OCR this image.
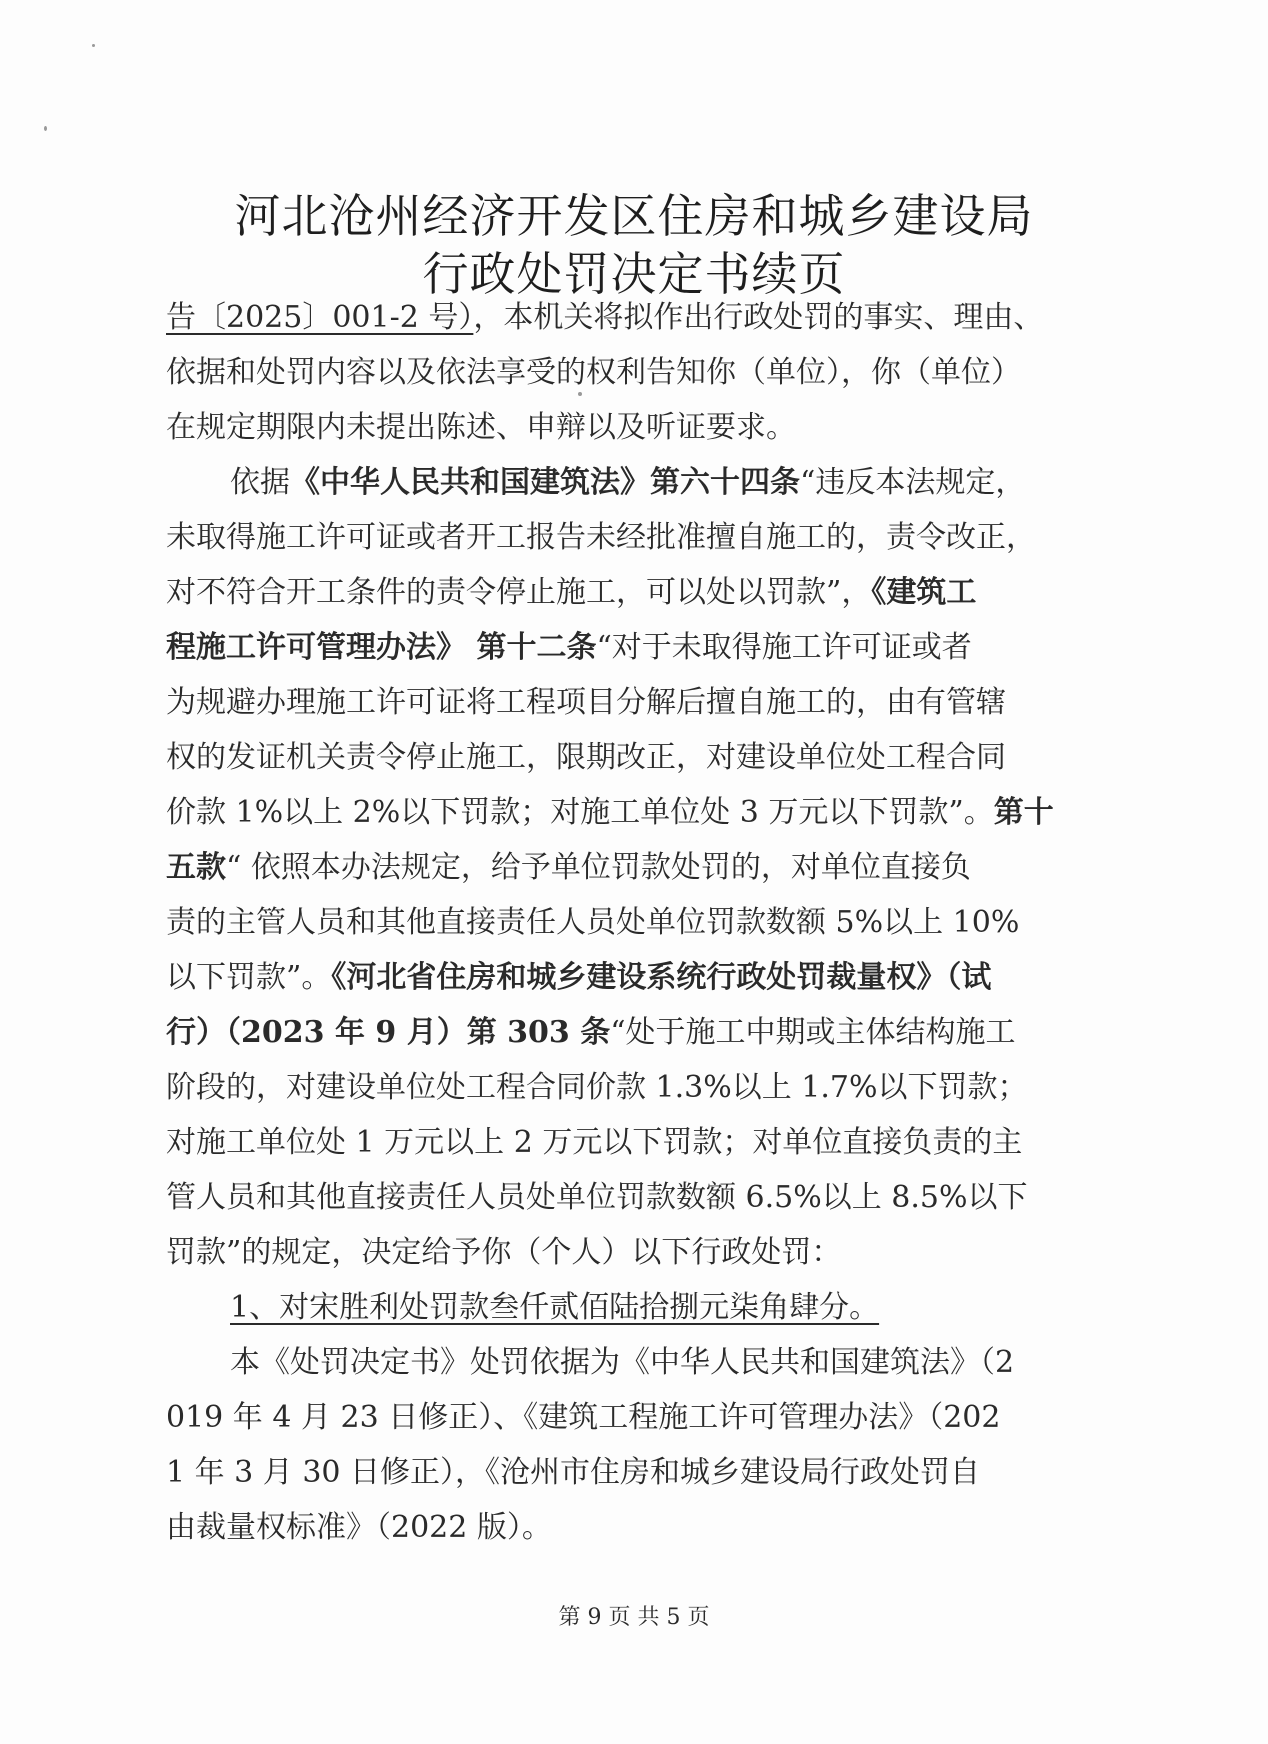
河北沧州经济开发区住房和城乡建设局
行政处罚决定书续页
告〔2025〕001-2 号），本机关将拟作出行政处罚的事实、理由、
依据和处罚内容以及依法享受的权利告知你（单位），你（单位）
在规定期限内未提出陈述、申辩以及听证要求。
依据《中华人民共和国建筑法》第六十四条“违反本法规定，
未取得施工许可证或者开工报告未经批准擅自施工的，责令改正，
对不符合开工条件的责令停止施工，可以处以罚款”，《建筑工
程施工许可管理办法》 第十二条“对于未取得施工许可证或者
为规避办理施工许可证将工程项目分解后擅自施工的，由有管辖
权的发证机关责令停止施工，限期改正，对建设单位处工程合同
价款 1%以上 2%以下罚款；对施工单位处 3 万元以下罚款”。第十
五款“ 依照本办法规定，给予单位罚款处罚的，对单位直接负
责的主管人员和其他直接责任人员处单位罚款数额 5%以上 10%
以下罚款”。《河北省住房和城乡建设系统行政处罚裁量权》（试
行）（2023 年 9 月）第 303 条“处于施工中期或主体结构施工
阶段的，对建设单位处工程合同价款 1.3%以上 1.7%以下罚款；
对施工单位处 1 万元以上 2 万元以下罚款；对单位直接负责的主
管人员和其他直接责任人员处单位罚款数额 6.5%以上 8.5%以下
罚款”的规定，决定给予你（个人）以下行政处罚：
1、对宋胜利处罚款叁仟贰佰陆拾捌元柒角肆分。
本《处罚决定书》处罚依据为《中华人民共和国建筑法》（2
019 年 4 月 23 日修正）、《建筑工程施工许可管理办法》（202
1 年 3 月 30 日修正），《沧州市住房和城乡建设局行政处罚自
由裁量权标准》（2022 版）。
第 9 页 共 5 页
